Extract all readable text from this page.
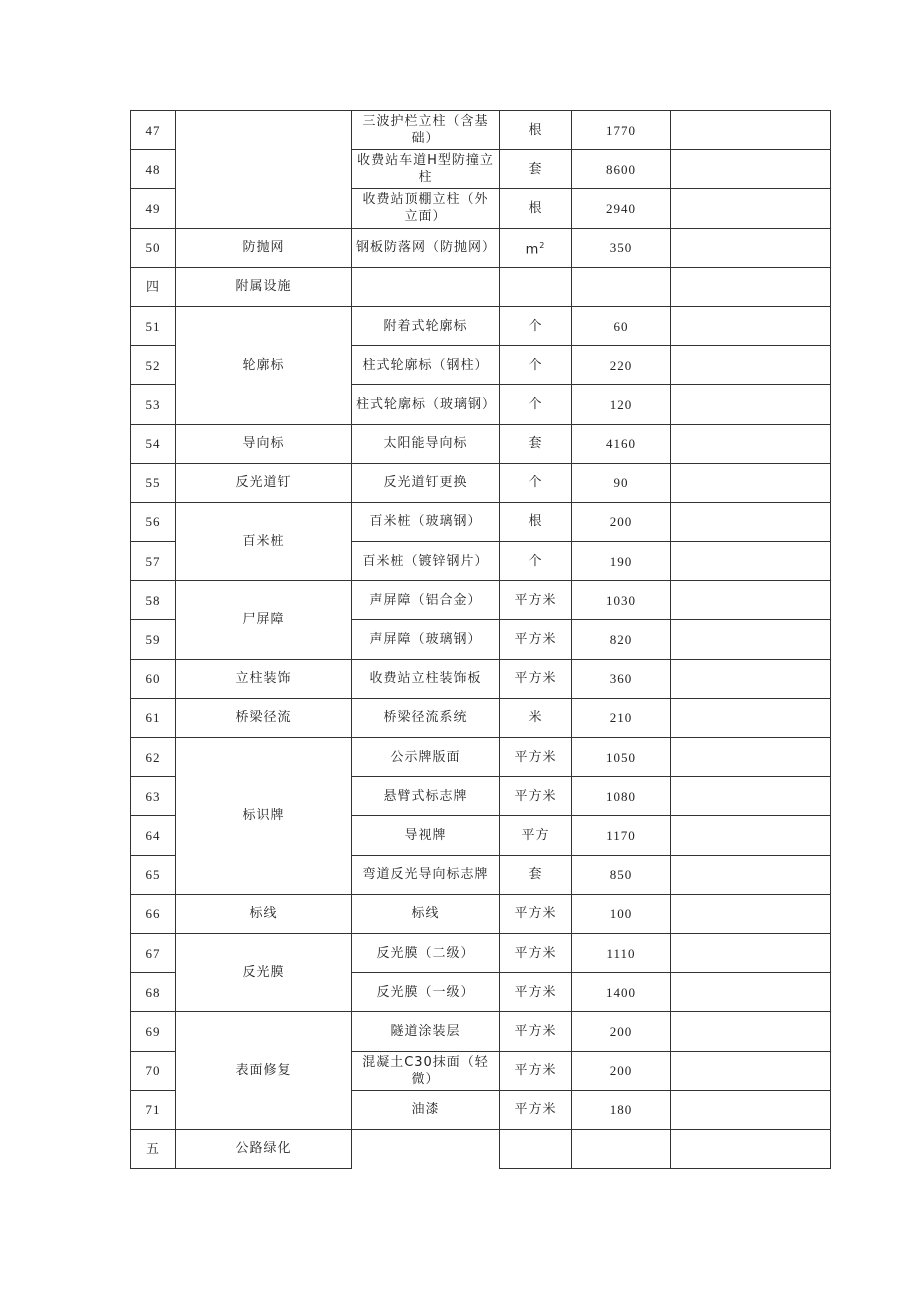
47		三波护栏立柱（含基础）	根	1770	
48		收费站车道H型防撞立柱	套	8600	
49		收费站顶棚立柱（外立面）	根	2940	
50	防抛网	钢板防落网（防抛网）	$m^2$	350	
四	附属设施				
51	轮廓标	附着式轮廓标	个	60	
52		柱式轮廓标（钢柱）	个	220	
53		柱式轮廓标（玻璃钢）	个	120	
54	导向标	太阳能导向标	套	4160	
55	反光道钉	反光道钉更换	个	90	
56	百米桩	百米桩（玻璃钢）	根	200	
57		百米桩（镀锌钢片）	个	190	
58	尸屏障	声屏障（铝合金）	平方米	1030	
59		声屏障（玻璃钢）	平方米	820	
60	立柱装饰	收费站立柱装饰板	平方米	360	
61	桥梁径流	桥梁径流系统	米	210	
62	标识牌	公示牌版面	平方米	1050	
63		悬臂式标志牌	平方米	1080	
64		导视牌	平方	1170	
65		弯道反光导向标志牌	套	850	
66	标线	标线	平方米	100	
67	反光膜	反光膜（二级）	平方米	1110	
68		反光膜（一级）	平方米	1400	
69	表面修复	隧道涂装层	平方米	200	
70		混凝土C30抹面（轻微）	平方米	200	
71		油漆	平方米	180	
五	公路绿化				
